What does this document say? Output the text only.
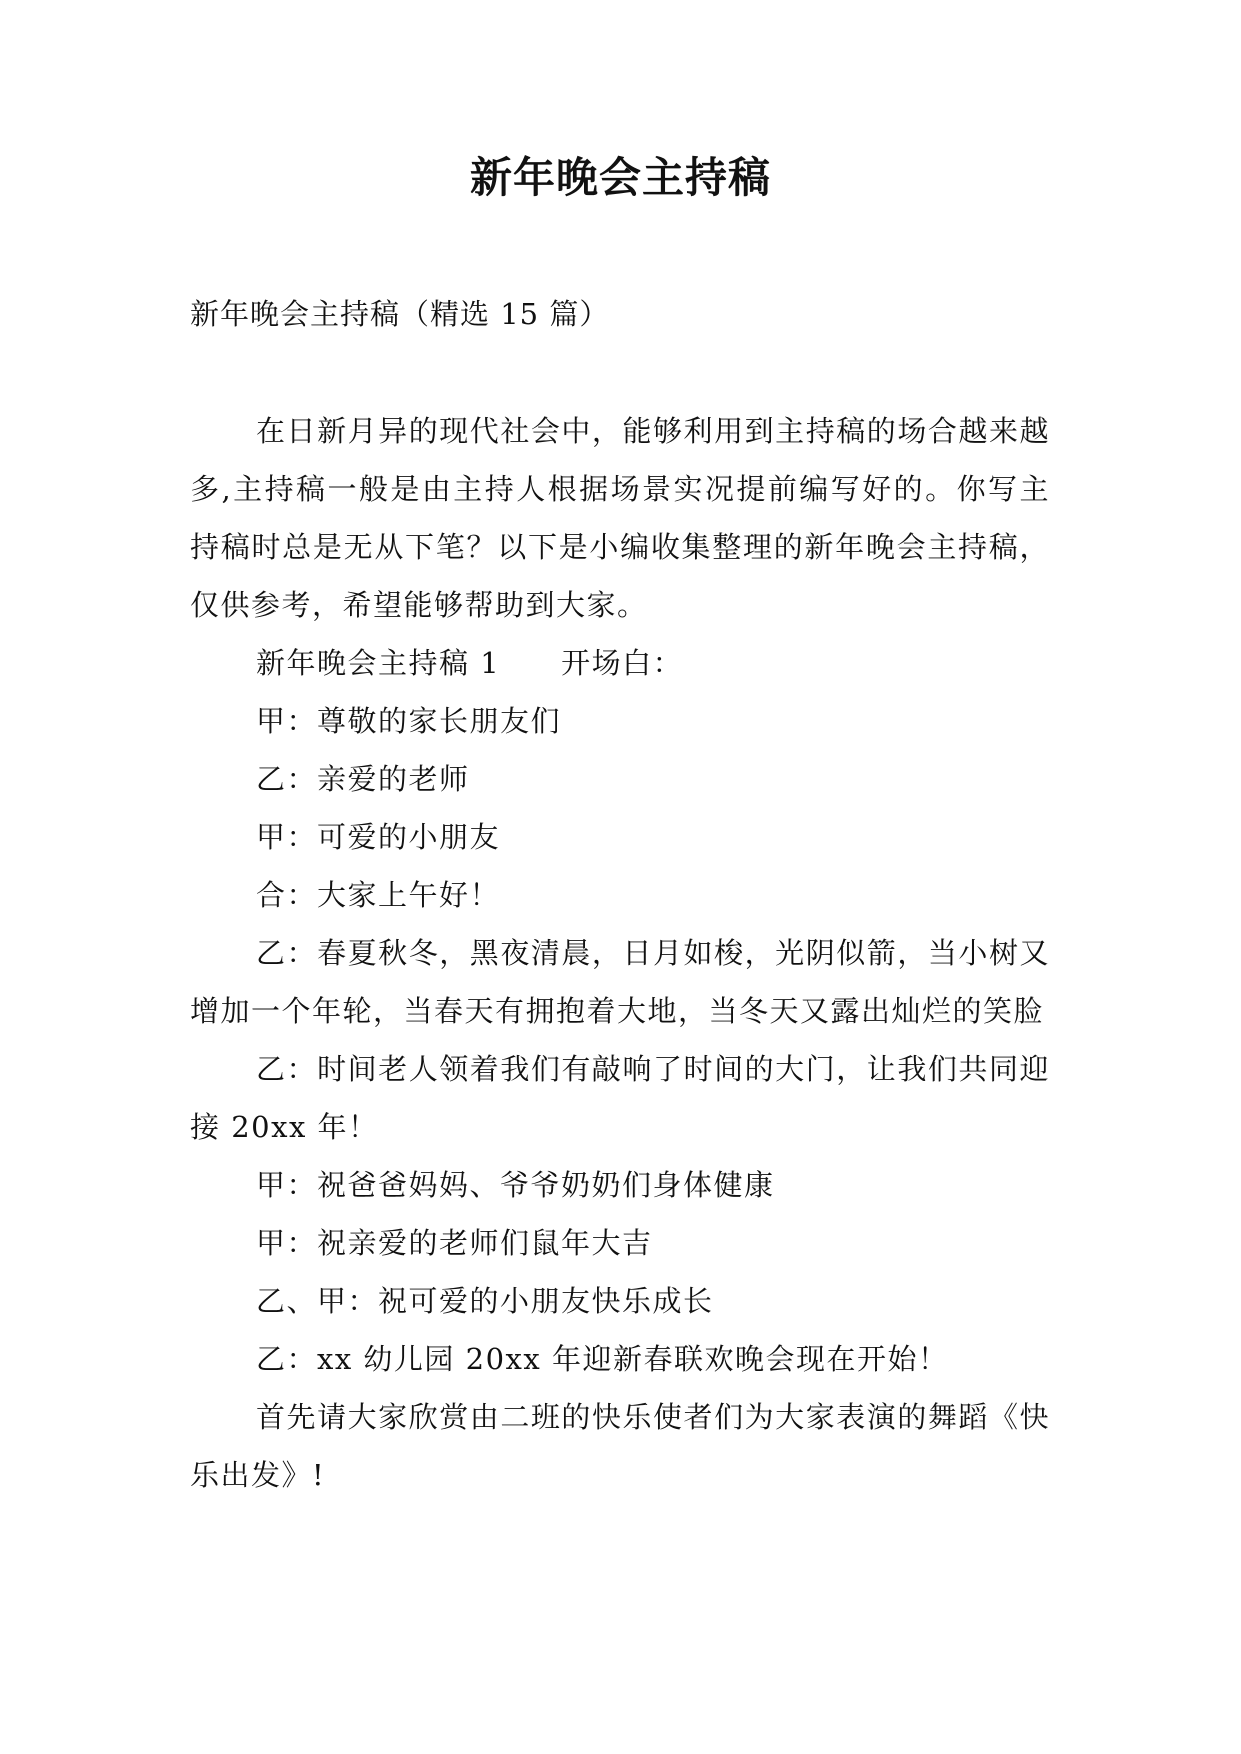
新年晚会主持稿
新年晚会主持稿（精选 15 篇）

在日新月异的现代社会中，能够利用到主持稿的场合越来越多,主持稿一般是由主持人根据场景实况提前编写好的。你写主持稿时总是无从下笔？以下是小编收集整理的新年晚会主持稿，仅供参考，希望能够帮助到大家。

新年晚会主持稿 1　　开场白：

甲：尊敬的家长朋友们

乙：亲爱的老师

甲：可爱的小朋友

合：大家上午好！

乙：春夏秋冬，黑夜清晨，日月如梭，光阴似箭，当小树又增加一个年轮，当春天有拥抱着大地，当冬天又露出灿烂的笑脸

乙：时间老人领着我们有敲响了时间的大门，让我们共同迎接 20xx 年！

甲：祝爸爸妈妈、爷爷奶奶们身体健康

甲：祝亲爱的老师们鼠年大吉

乙、甲：祝可爱的小朋友快乐成长

乙：xx 幼儿园 20xx 年迎新春联欢晚会现在开始！

首先请大家欣赏由二班的快乐使者们为大家表演的舞蹈《快乐出发》!
